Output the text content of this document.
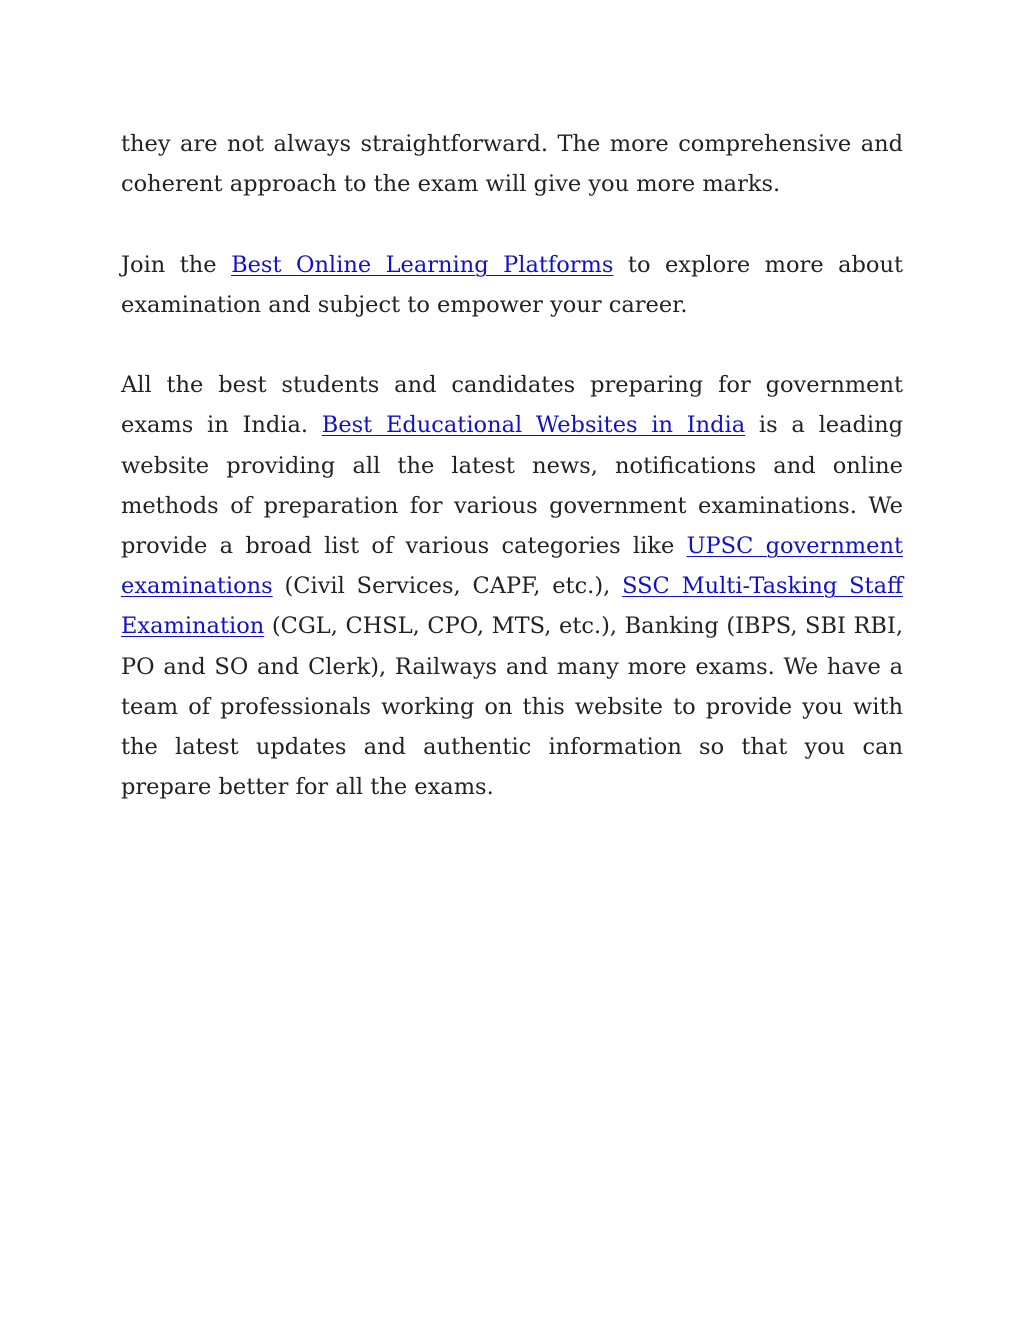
they are not always straightforward. The more comprehensive and coherent approach to the exam will give you more marks.

Join the Best Online Learning Platforms to explore more about examination and subject to empower your career.

All the best students and candidates preparing for government exams in India. Best Educational Websites in India is a leading website providing all the latest news, notifications and online methods of preparation for various government examinations. We provide a broad list of various categories like UPSC government examinations (Civil Services, CAPF, etc.), SSC Multi-Tasking Staff Examination (CGL, CHSL, CPO, MTS, etc.), Banking (IBPS, SBI RBI, PO and SO and Clerk), Railways and many more exams. We have a team of professionals working on this website to provide you with the latest updates and authentic information so that you can prepare better for all the exams.
